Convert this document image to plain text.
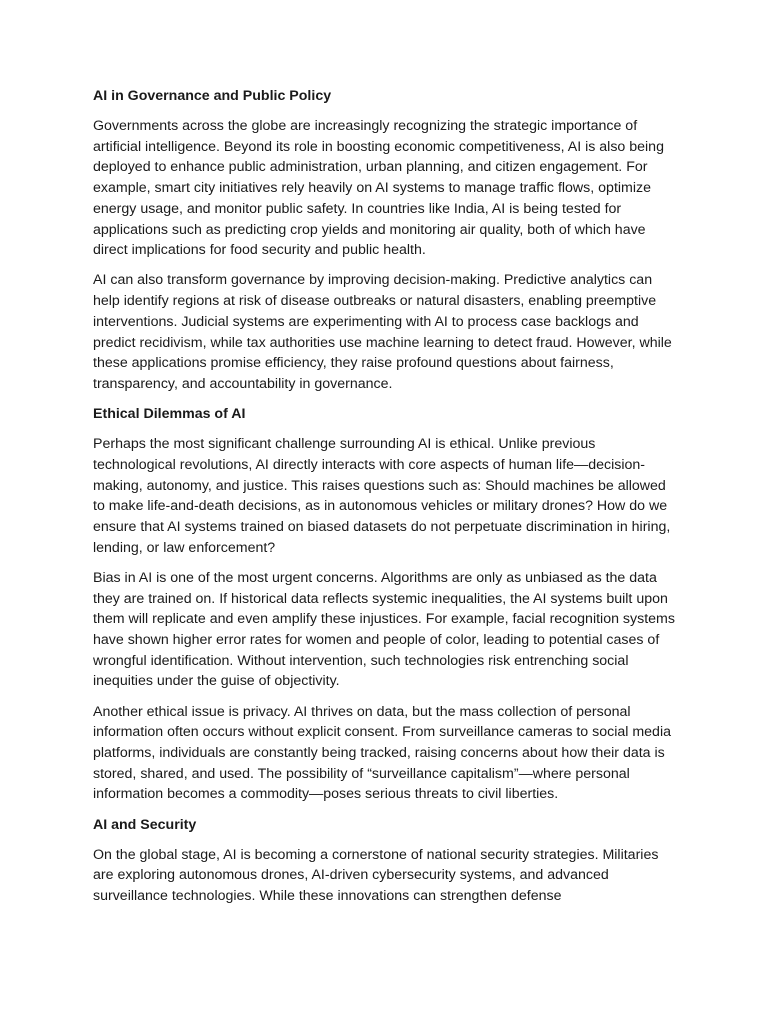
AI in Governance and Public Policy

Governments across the globe are increasingly recognizing the strategic importance of artificial intelligence. Beyond its role in boosting economic competitiveness, AI is also being deployed to enhance public administration, urban planning, and citizen engagement. For example, smart city initiatives rely heavily on AI systems to manage traffic flows, optimize energy usage, and monitor public safety. In countries like India, AI is being tested for applications such as predicting crop yields and monitoring air quality, both of which have direct implications for food security and public health.

AI can also transform governance by improving decision-making. Predictive analytics can help identify regions at risk of disease outbreaks or natural disasters, enabling preemptive interventions. Judicial systems are experimenting with AI to process case backlogs and predict recidivism, while tax authorities use machine learning to detect fraud. However, while these applications promise efficiency, they raise profound questions about fairness, transparency, and accountability in governance.

Ethical Dilemmas of AI

Perhaps the most significant challenge surrounding AI is ethical. Unlike previous technological revolutions, AI directly interacts with core aspects of human life—decision-making, autonomy, and justice. This raises questions such as: Should machines be allowed to make life-and-death decisions, as in autonomous vehicles or military drones? How do we ensure that AI systems trained on biased datasets do not perpetuate discrimination in hiring, lending, or law enforcement?

Bias in AI is one of the most urgent concerns. Algorithms are only as unbiased as the data they are trained on. If historical data reflects systemic inequalities, the AI systems built upon them will replicate and even amplify these injustices. For example, facial recognition systems have shown higher error rates for women and people of color, leading to potential cases of wrongful identification. Without intervention, such technologies risk entrenching social inequities under the guise of objectivity.

Another ethical issue is privacy. AI thrives on data, but the mass collection of personal information often occurs without explicit consent. From surveillance cameras to social media platforms, individuals are constantly being tracked, raising concerns about how their data is stored, shared, and used. The possibility of “surveillance capitalism”—where personal information becomes a commodity—poses serious threats to civil liberties.

AI and Security

On the global stage, AI is becoming a cornerstone of national security strategies. Militaries are exploring autonomous drones, AI-driven cybersecurity systems, and advanced surveillance technologies. While these innovations can strengthen defense
